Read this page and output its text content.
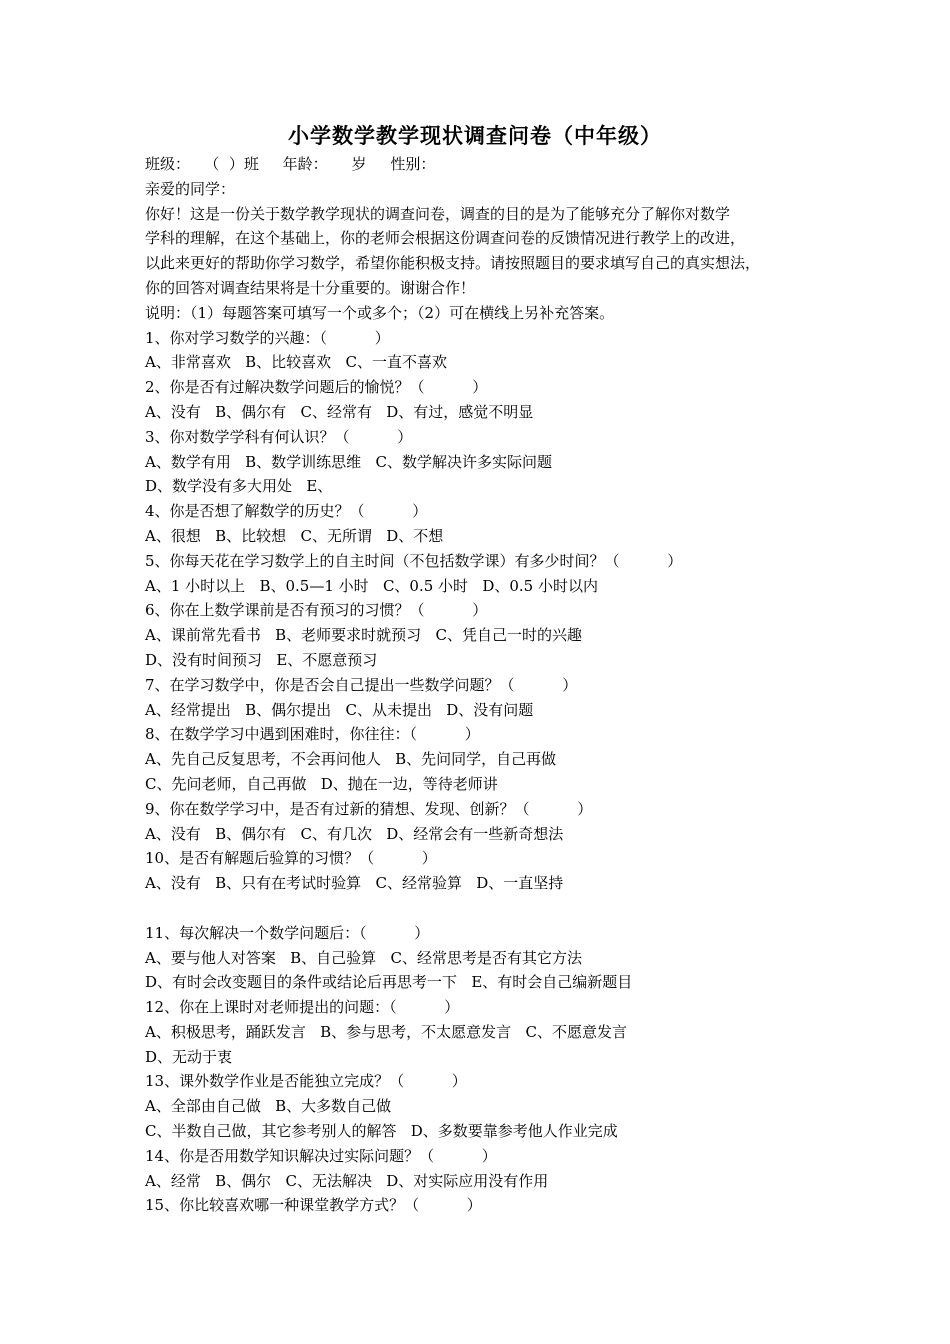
小学数学教学现状调查问卷（中年级）
班级：   （  ）班     年龄：     岁     性别：
亲爱的同学：
你好！这是一份关于数学教学现状的调查问卷，调查的目的是为了能够充分了解你对数学
学科的理解，在这个基础上，你的老师会根据这份调查问卷的反馈情况进行教学上的改进，
以此来更好的帮助你学习数学，希望你能积极支持。请按照题目的要求填写自己的真实想法，
你的回答对调查结果将是十分重要的。谢谢合作！
说明：（1）每题答案可填写一个或多个；（2）可在横线上另补充答案。
1、你对学习数学的兴趣：（          ）
A、非常喜欢   B、比较喜欢   C、一直不喜欢
2、你是否有过解决数学问题后的愉悦？（          ）
A、没有   B、偶尔有   C、经常有   D、有过，感觉不明显
3、你对数学学科有何认识？（          ）
A、数学有用   B、数学训练思维   C、数学解决许多实际问题
D、数学没有多大用处   E、
4、你是否想了解数学的历史？（          ）
A、很想   B、比较想   C、无所谓   D、不想
5、你每天花在学习数学上的自主时间（不包括数学课）有多少时间？（          ）
A、1 小时以上   B、0.5—1 小时   C、0.5 小时   D、0.5 小时以内
6、你在上数学课前是否有预习的习惯？（          ）
A、课前常先看书   B、老师要求时就预习   C、凭自己一时的兴趣
D、没有时间预习   E、不愿意预习
7、在学习数学中，你是否会自己提出一些数学问题？（          ）
A、经常提出   B、偶尔提出   C、从未提出   D、没有问题
8、在数学学习中遇到困难时，你往往：（          ）
A、先自己反复思考，不会再问他人   B、先问同学，自己再做
C、先问老师，自己再做   D、抛在一边，等待老师讲
9、你在数学学习中，是否有过新的猜想、发现、创新？（          ）
A、没有   B、偶尔有   C、有几次   D、经常会有一些新奇想法
10、是否有解题后验算的习惯？（          ）
A、没有   B、只有在考试时验算   C、经常验算   D、一直坚持
11、每次解决一个数学问题后：（          ）
A、要与他人对答案   B、自己验算   C、经常思考是否有其它方法
D、有时会改变题目的条件或结论后再思考一下   E、有时会自己编新题目
12、你在上课时对老师提出的问题：（          ）
A、积极思考，踊跃发言   B、参与思考，不太愿意发言   C、不愿意发言
D、无动于衷
13、课外数学作业是否能独立完成？（          ）
A、全部由自己做   B、大多数自己做
C、半数自己做，其它参考别人的解答   D、多数要靠参考他人作业完成
14、你是否用数学知识解决过实际问题？（          ）
A、经常   B、偶尔   C、无法解决   D、对实际应用没有作用
15、你比较喜欢哪一种课堂教学方式？（          ）
